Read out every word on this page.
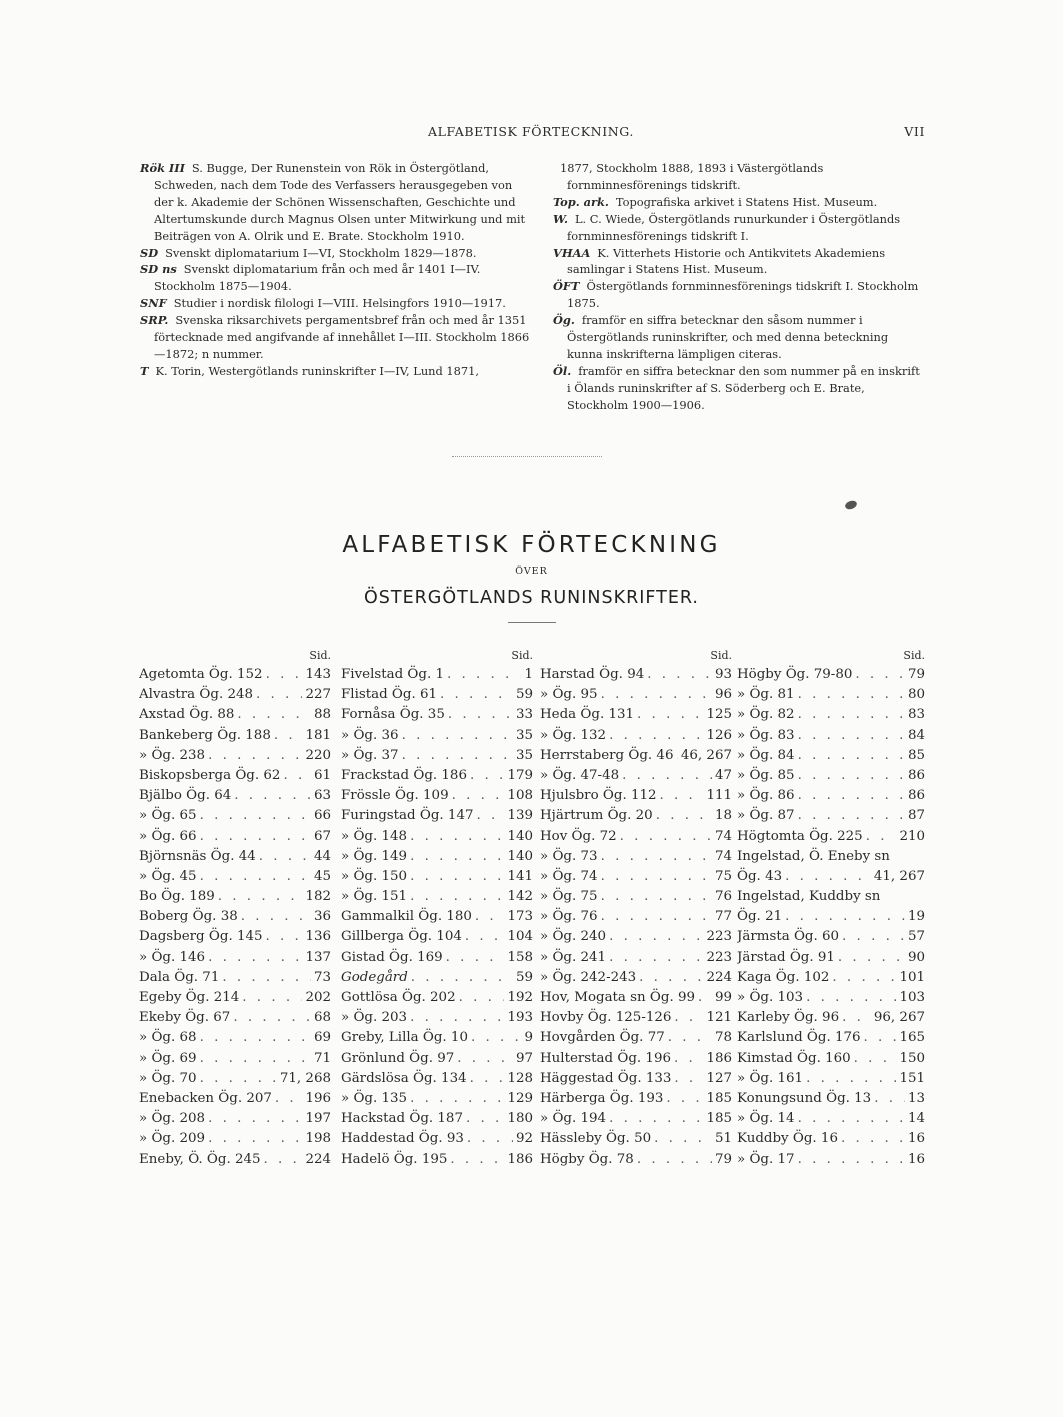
ALFABETISK FÖRTECKNING.	VII

Rök III S. Bugge, Der Runenstein von Rök in Östergötland, Schweden, nach dem Tode des Verfassers herausgegeben von der k. Akademie der Schönen Wissenschaften, Geschichte und Altertumskunde durch Magnus Olsen unter Mitwirkung und mit Beiträgen von A. Olrik und E. Brate. Stockholm 1910.

SD Svenskt diplomatarium I—VI, Stockholm 1829—1878.

SD ns Svenskt diplomatarium från och med år 1401 I—IV. Stockholm 1875—1904.

SNF Studier i nordisk filologi I—VIII. Helsingfors 1910—1917.

SRP. Svenska riksarchivets pergamentsbref från och med år 1351 förtecknade med angifvande af innehållet I—III. Stockholm 1866—1872; n nummer.

T K. Torin, Westergötlands runinskrifter I—IV, Lund 1871,

1877, Stockholm 1888, 1893 i Västergötlands fornminnesförenings tidskrift.

Top. ark. Topografiska arkivet i Statens Hist. Museum.

W. L. C. Wiede, Östergötlands runurkunder i Östergötlands fornminnesförenings tidskrift I.

VHAA K. Vitterhets Historie och Antikvitets Akademiens samlingar i Statens Hist. Museum.

ÖFT Östergötlands fornminnesförenings tidskrift I. Stockholm 1875.

Ög. framför en siffra betecknar den såsom nummer i Östergötlands runinskrifter, och med denna beteckning kunna inskrifterna lämpligen citeras.

Öl. framför en siffra betecknar den som nummer på en inskrift i Ölands runinskrifter af S. Söderberg och E. Brate, Stockholm 1900—1906.

ALFABETISK FÖRTECKNING
ÖVER
ÖSTERGÖTLANDS RUNINSKRIFTER.
Sid.
Agetomta Ög. 152 . . .	143
Alvastra Ög. 248 . . .	227
Axstad Ög. 88 . . .	88
Bankeberg Ög. 188 . . .	181
» Ög. 238 . . .	220
Biskopsberga Ög. 62 . . .	61
Bjälbo Ög. 64 . . .	63
» Ög. 65 . . .	66
» Ög. 66 . . .	67
Björnsnäs Ög. 44 . . .	44
» Ög. 45 . . .	45
Bo Ög. 189 . . .	182
Boberg Ög. 38 . . .	36
Dagsberg Ög. 145 . . .	136
» Ög. 146 . . .	137
Dala Ög. 71 . . .	73
Egeby Ög. 214 . . .	202
Ekeby Ög. 67 . . .	68
» Ög. 68 . . .	69
» Ög. 69 . . .	71
» Ög. 70 . . .	71, 268
Enebacken Ög. 207 . . .	196
» Ög. 208 . . .	197
» Ög. 209 . . .	198
Eneby, Ö. Ög. 245 . . .	224
Sid.
Fivelstad Ög. 1 . . .	1
Flistad Ög. 61 . . .	59
Fornåsa Ög. 35 . . .	33
» Ög. 36 . . .	35
» Ög. 37 . . .	35
Frackstad Ög. 186 . . .	179
Frössle Ög. 109 . . .	108
Furingstad Ög. 147 . . .	139
» Ög. 148 . . .	140
» Ög. 149 . . .	140
» Ög. 150 . . .	141
» Ög. 151 . . .	142
Gammalkil Ög. 180 . . .	173
Gillberga Ög. 104 . . .	104
Gistad Ög. 169 . . .	158
Godegård . . .	59
Gottlösa Ög. 202 . . .	192
» Ög. 203 . . .	193
Greby, Lilla Ög. 10 . . .	9
Grönlund Ög. 97 . . .	97
Gärdslösa Ög. 134 . . .	128
» Ög. 135 . . .	129
Hackstad Ög. 187 . . .	180
Haddestad Ög. 93 . . .	92
Hadelö Ög. 195 . . .	186
Sid.
Harstad Ög. 94 . . .	93
» Ög. 95 . . .	96
Heda Ög. 131 . . .	125
» Ög. 132 . . .	126
Herrstaberg Ög. 46 . . . 46, 267
» Ög. 47-48 . . .	47
Hjulsbro Ög. 112 . . .	111
Hjärtrum Ög. 20 . . .	18
Hov Ög. 72 . . .	74
» Ög. 73 . . .	74
» Ög. 74 . . .	75
» Ög. 75 . . .	76
» Ög. 76 . . .	77
» Ög. 240 . . .	223
» Ög. 241 . . .	223
» Ög. 242-243 . . .	224
Hov, Mogata sn Ög. 99 . . . 99
Hovby Ög. 125-126 . . .	121
Hovgården Ög. 77 . . .	78
Hulterstad Ög. 196 . . .	186
Häggestad Ög. 133 . . .	127
Härberga Ög. 193 . . .	185
» Ög. 194 . . .	185
Hässleby Ög. 50 . . .	51
Högby Ög. 78 . . .	79
Sid.
Högby Ög. 79-80 . . .	79
» Ög. 81 . . .	80
» Ög. 82 . . .	83
» Ög. 83 . . .	84
» Ög. 84 . . .	85
» Ög. 85 . . .	86
» Ög. 86 . . .	86
» Ög. 87 . . .	87
Högtomta Ög. 225 . . .	210
Ingelstad, Ö. Eneby sn
Ög. 43 . . .	41, 267
Ingelstad, Kuddby sn
Ög. 21 . . .	19
Järmsta Ög. 60 . . .	57
Järstad Ög. 91 . . .	90
Kaga Ög. 102 . . .	101
» Ög. 103 . . .	103
Karleby Ög. 96 . . .	96, 267
Karlslund Ög. 176 . . .	165
Kimstad Ög. 160 . . .	150
» Ög. 161 . . .	151
Konungsund Ög. 13 . . .	13
» Ög. 14 . . .	14
Kuddby Ög. 16 . . .	16
» Ög. 17 . . .	16
